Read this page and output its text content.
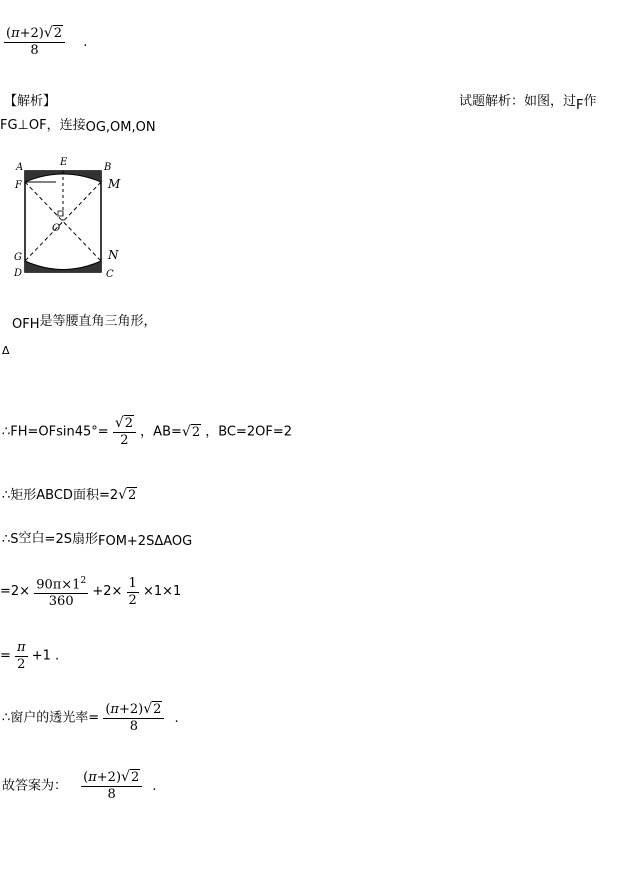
$\frac{(\pi+2)√2}{8}$ .
【解析】	试题解析：如图，过F作
FG⊥OF，连接OG,OM,ON
A	E	B
F	M
O
G	N
D	C
OFH是等腰直角三角形，
Δ
∴FH=OFsin45°= $\frac{√2}{2}$ ，AB=√2 ，BC=2OF=2
∴矩形ABCD面积=2√2
∴S空白=2S扇形FOM+2SΔAOG
$=2\times \frac{90\pi\times 1^2}{360} +2\times \frac{1}{2} \times 1\times 1$
= $\frac{\pi}{2} +1$ .
∴窗户的透光率= $\frac{(\pi+2)√2}{8}$ .
故答案为： $\frac{(\pi+2)√2}{8}$ .
